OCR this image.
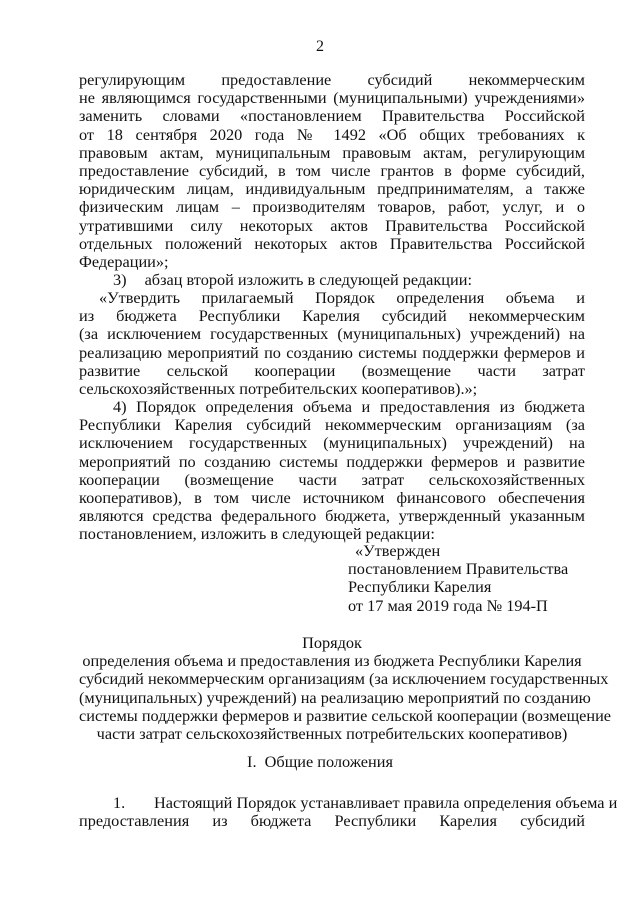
2
регулирующим предоставление субсидий некоммерческим
не являющимся государственными (муниципальными) учреждениями»
заменить словами «постановлением Правительства Российской
от 18 сентября 2020 года № 1492 «Об общих требованиях к
правовым актам, муниципальным правовым актам, регулирующим
предоставление субсидий, в том числе грантов в форме субсидий,
юридическим лицам, индивидуальным предпринимателям, а также
физическим лицам – производителям товаров, работ, услуг, и о
утратившими силу некоторых актов Правительства Российской
отдельных положений некоторых актов Правительства Российской
Федерации»;
3) абзац второй изложить в следующей редакции:
«Утвердить прилагаемый Порядок определения объема и
из бюджета Республики Карелия субсидий некоммерческим
(за исключением государственных (муниципальных) учреждений) на
реализацию мероприятий по созданию системы поддержки фермеров и
развитие сельской кооперации (возмещение части затрат
сельскохозяйственных потребительских кооперативов).»;
4) Порядок определения объема и предоставления из бюджета
Республики Карелия субсидий некоммерческим организациям (за
исключением государственных (муниципальных) учреждений) на
мероприятий по созданию системы поддержки фермеров и развитие
кооперации (возмещение части затрат сельскохозяйственных
кооперативов), в том числе источником финансового обеспечения
являются средства федерального бюджета, утвержденный указанным
постановлением, изложить в следующей редакции:
«Утвержден
постановлением Правительства
Республики Карелия
от 17 мая 2019 года № 194-П
Порядок
определения объема и предоставления из бюджета Республики Карелия
субсидий некоммерческим организациям (за исключением государственных
(муниципальных) учреждений) на реализацию мероприятий по созданию
системы поддержки фермеров и развитие сельской кооперации (возмещение
части затрат сельскохозяйственных потребительских кооперативов)
I.  Общие положения
1. Настоящий Порядок устанавливает правила определения объема и
предоставления из бюджета Республики Карелия субсидий
